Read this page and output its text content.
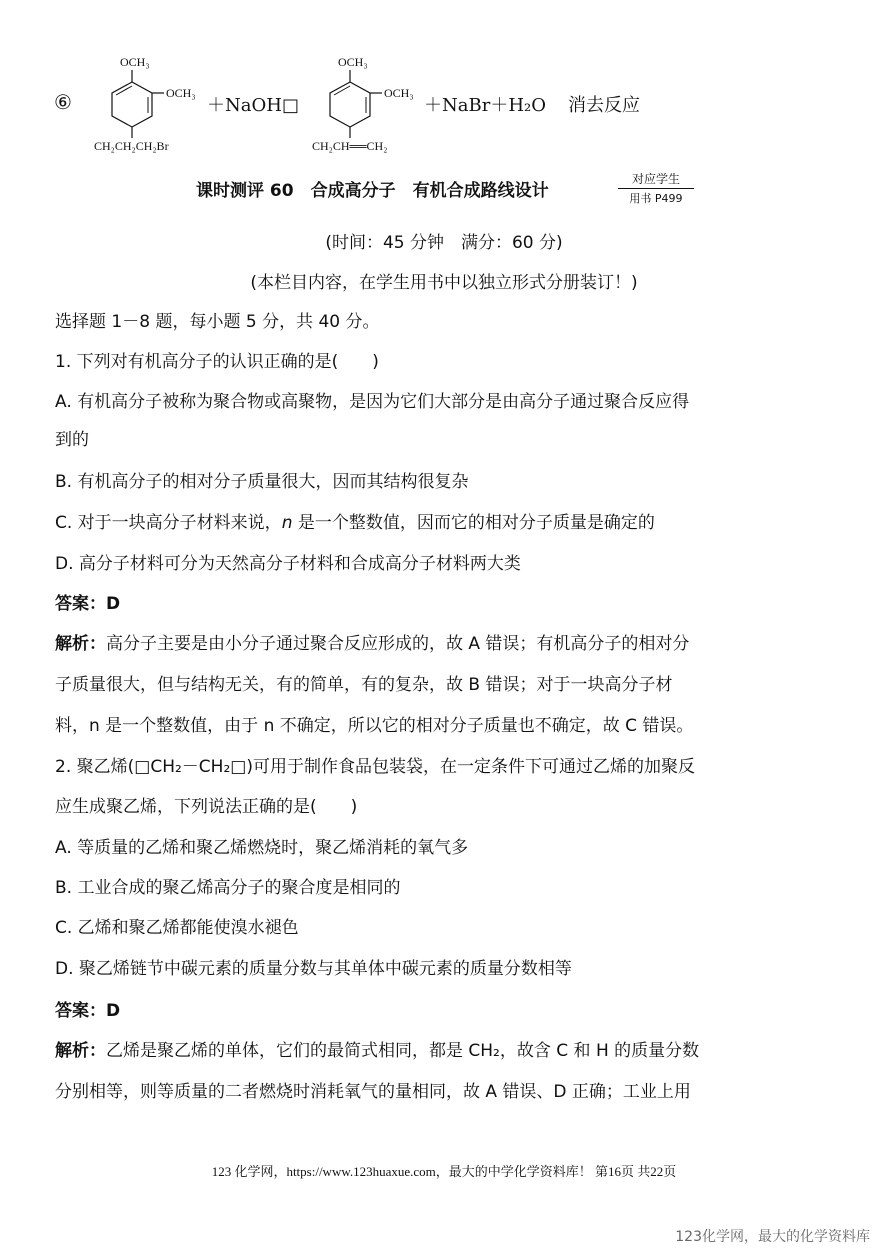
⑥
OCH₃
OCH₃
CH₂CH₂CH₂Br
＋NaOH□
OCH₃
OCH₃
CH₂CH══CH₂
＋NaBr＋H₂O 消去反应
课时测评 60　合成高分子　有机合成路线设计
对应学生
用书 P499
(时间：45 分钟　满分：60 分)
(本栏目内容，在学生用书中以独立形式分册装订！)
选择题 1－8 题，每小题 5 分，共 40 分。
1. 下列对有机高分子的认识正确的是(　　)
A. 有机高分子被称为聚合物或高聚物，是因为它们大部分是由高分子通过聚合反应得
到的
B. 有机高分子的相对分子质量很大，因而其结构很复杂
C. 对于一块高分子材料来说，n 是一个整数值，因而它的相对分子质量是确定的
D. 高分子材料可分为天然高分子材料和合成高分子材料两大类
答案：D
解析：高分子主要是由小分子通过聚合反应形成的，故 A 错误；有机高分子的相对分
子质量很大，但与结构无关，有的简单，有的复杂，故 B 错误；对于一块高分子材
料，n 是一个整数值，由于 n 不确定，所以它的相对分子质量也不确定，故 C 错误。
2. 聚乙烯(□CH₂－CH₂□)可用于制作食品包装袋，在一定条件下可通过乙烯的加聚反
应生成聚乙烯，下列说法正确的是(　　)
A. 等质量的乙烯和聚乙烯燃烧时，聚乙烯消耗的氧气多
B. 工业合成的聚乙烯高分子的聚合度是相同的
C. 乙烯和聚乙烯都能使溴水褪色
D. 聚乙烯链节中碳元素的质量分数与其单体中碳元素的质量分数相等
答案：D
解析：乙烯是聚乙烯的单体，它们的最简式相同，都是 CH₂，故含 C 和 H 的质量分数
分别相等，则等质量的二者燃烧时消耗氧气的量相同，故 A 错误、D 正确；工业上用
123 化学网，https://www.123huaxue.com，最大的中学化学资料库！ 第16页 共22页
123化学网，最大的化学资料库
